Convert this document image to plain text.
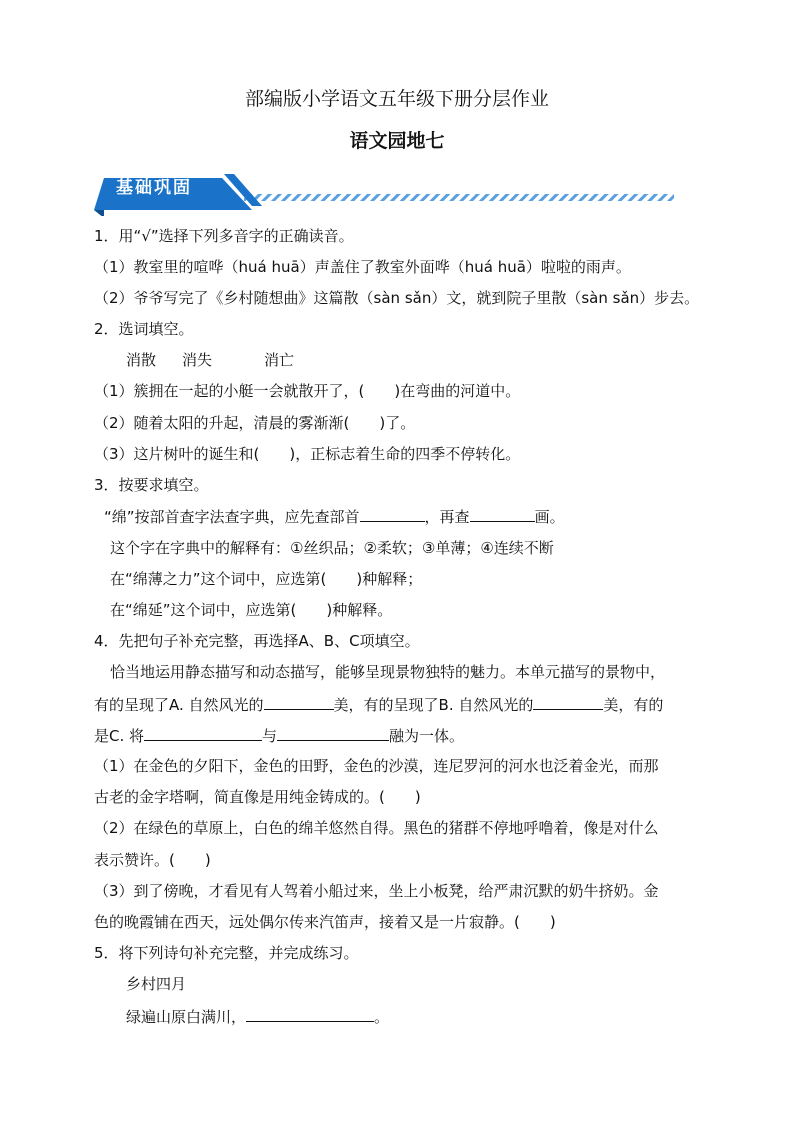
部编版小学语文五年级下册分层作业
语文园地七
基础巩固
1．用“√”选择下列多音字的正确读音。
（1）教室里的喧哗（huá huā）声盖住了教室外面哗（huá huā）啦啦的雨声。
（2）爷爷写完了《乡村随想曲》这篇散（sàn sǎn）文，就到院子里散（sàn sǎn）步去。
2．选词填空。
消散 消失	消亡
（1）簇拥在一起的小艇一会就散开了，(　　)在弯曲的河道中。
（2）随着太阳的升起，清晨的雾渐渐(　　)了。
（3）这片树叶的诞生和(　　)，正标志着生命的四季不停转化。
3．按要求填空。
“绵”按部首查字法查字典，应先查部首	，再查	画。
这个字在字典中的解释有：①丝织品；②柔软；③单薄；④连续不断
在“绵薄之力”这个词中，应选第(　　)种解释；
在“绵延”这个词中，应选第(　　)种解释。
4．先把句子补充完整，再选择A、B、C项填空。
恰当地运用静态描写和动态描写，能够呈现景物独特的魅力。本单元描写的景物中，
有的呈现了A. 自然风光的	美，有的呈现了B. 自然风光的	美，有的
是C. 将	与	融为一体。
（1）在金色的夕阳下，金色的田野，金色的沙漠，连尼罗河的河水也泛着金光，而那
古老的金字塔啊，简直像是用纯金铸成的。(　　)
（2）在绿色的草原上，白色的绵羊悠然自得。黑色的猪群不停地呼噜着，像是对什么
表示赞许。(　　)
（3）到了傍晚，才看见有人驾着小船过来，坐上小板凳，给严肃沉默的奶牛挤奶。金
色的晚霞铺在西天，远处偶尔传来汽笛声，接着又是一片寂静。(　　)
5．将下列诗句补充完整，并完成练习。
乡村四月
绿遍山原白满川，	。
